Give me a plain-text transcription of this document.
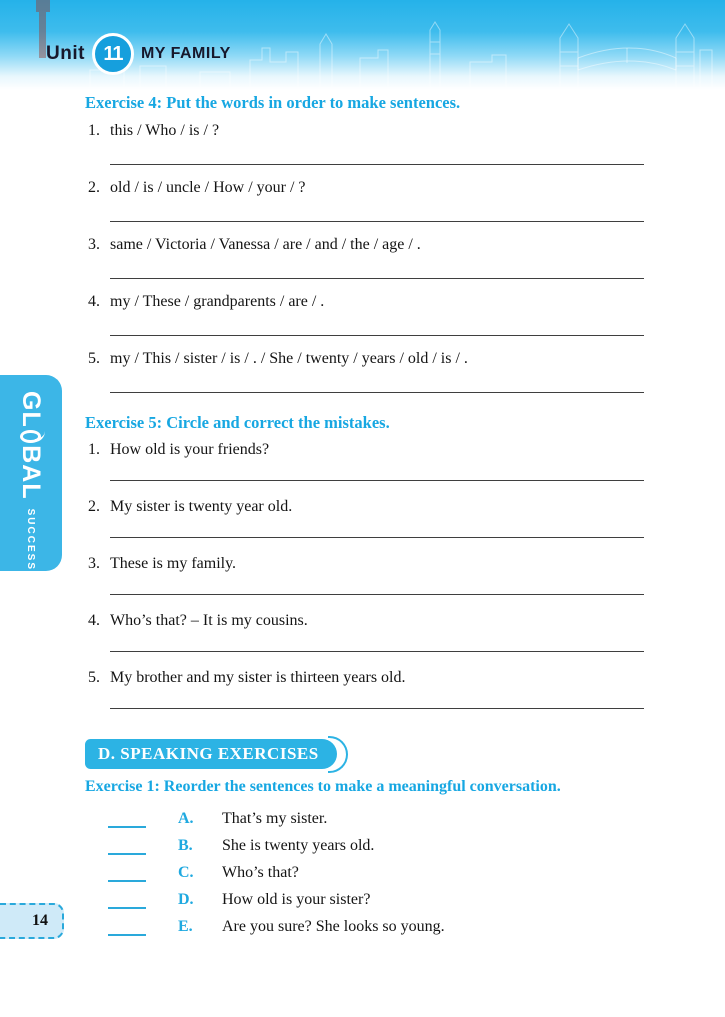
Unit 11 MY FAMILY
GL
BAL
SUCCESS
Exercise 4: Put the words in order to make sentences.
1. this / Who / is / ?
2. old / is / uncle / How / your / ?
3. same / Victoria / Vanessa / are / and / the / age / .
4. my / These / grandparents / are / .
5. my / This / sister / is / . / She / twenty / years / old / is / .
Exercise 5: Circle and correct the mistakes.
1. How old is your friends?
2. My sister is twenty year old.
3. These is my family.
4. Who’s that? – It is my cousins.
5. My brother and my sister is thirteen years old.
D. SPEAKING EXERCISES
Exercise 1: Reorder the sentences to make a meaningful conversation.
A.	That’s my sister.
B.	She is twenty years old.
C.	Who’s that?
D.	How old is your sister?
E.	Are you sure? She looks so young.
14
